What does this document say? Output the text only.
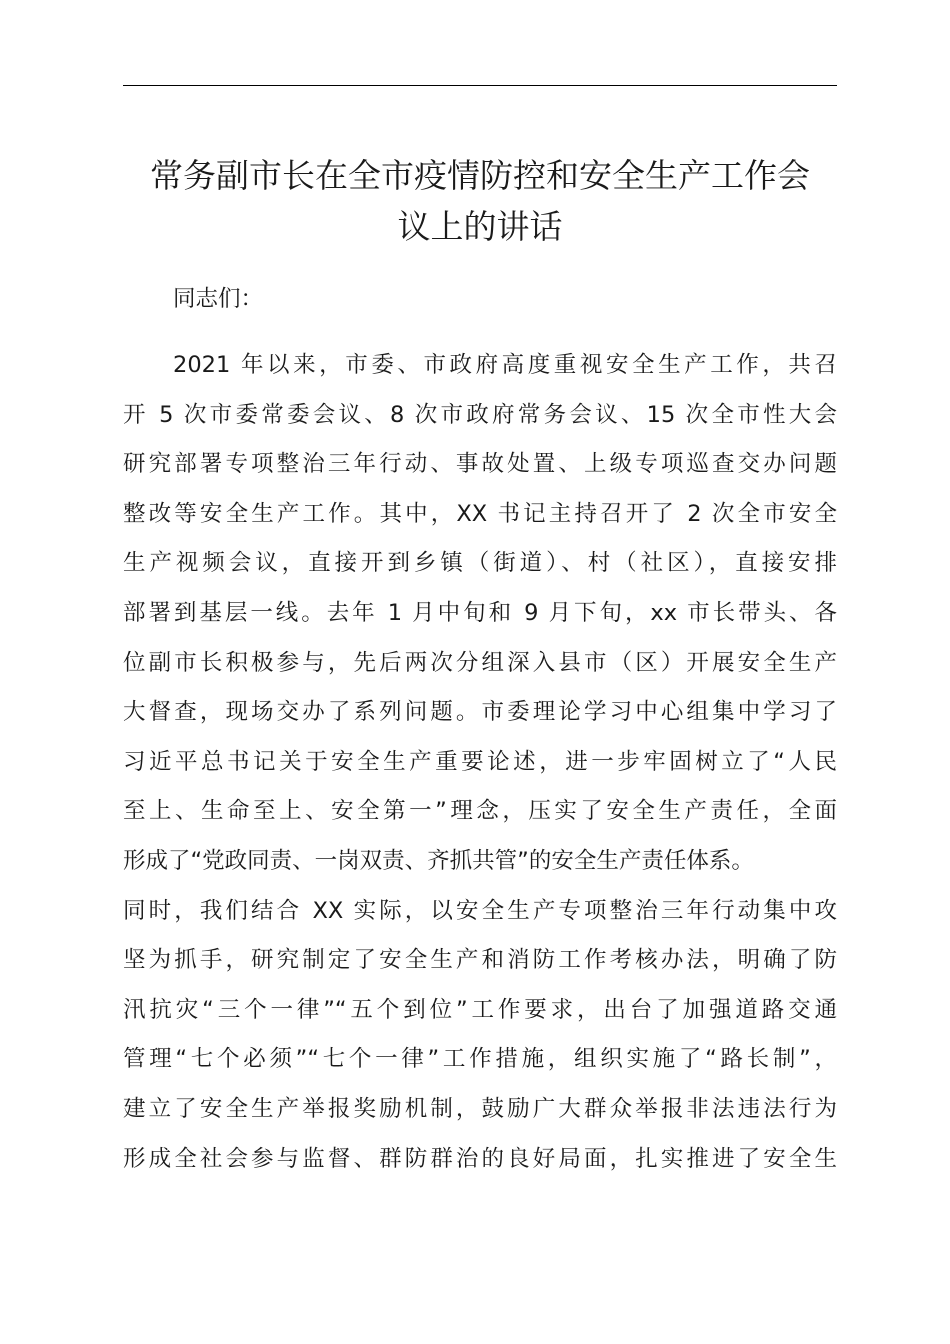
常务副市长在全市疫情防控和安全生产工作会
议上的讲话

同志们：

2021 年以来，市委、市政府高度重视安全生产工作，共召
开 5 次市委常委会议、8 次市政府常务会议、15 次全市性大会
研究部署专项整治三年行动、事故处置、上级专项巡查交办问题
整改等安全生产工作。其中，XX 书记主持召开了 2 次全市安全
生产视频会议，直接开到乡镇（街道）、村（社区），直接安排
部署到基层一线。去年 1 月中旬和 9 月下旬，xx 市长带头、各
位副市长积极参与，先后两次分组深入县市（区）开展安全生产
大督查，现场交办了系列问题。市委理论学习中心组集中学习了
习近平总书记关于安全生产重要论述，进一步牢固树立了“人民
至上、生命至上、安全第一”理念，压实了安全生产责任，全面
形成了“党政同责、一岗双责、齐抓共管”的安全生产责任体系。
同时，我们结合 XX 实际，以安全生产专项整治三年行动集中攻
坚为抓手，研究制定了安全生产和消防工作考核办法，明确了防
汛抗灾“三个一律”“五个到位”工作要求，出台了加强道路交通
管理“七个必须”“七个一律”工作措施，组织实施了“路长制”，
建立了安全生产举报奖励机制，鼓励广大群众举报非法违法行为
形成全社会参与监督、群防群治的良好局面，扎实推进了安全生
